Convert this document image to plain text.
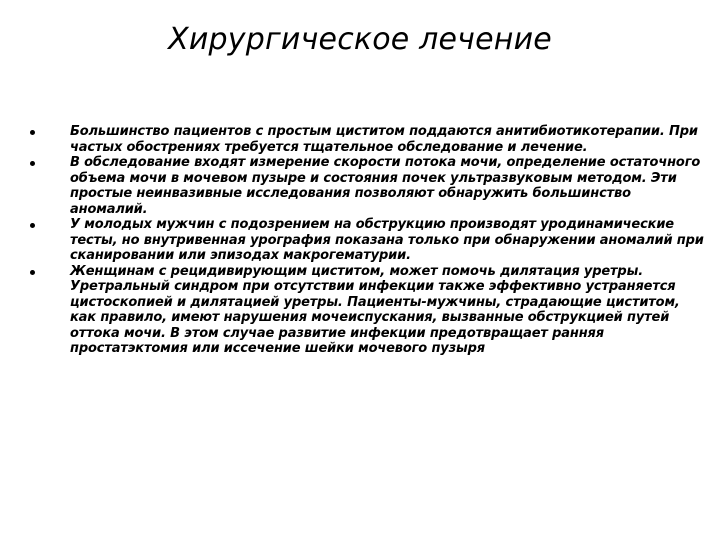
Хирургическое лечение
Большинство пациентов с простым циститом поддаются анитибиотикотерапии. При частых обострениях требуется тщательное обследование и лечение.
В обследование входят измерение скорости потока мочи, определение остаточного объема мочи в мочевом пузыре и состояния почек ультразвуковым методом. Эти простые неинвазивные исследования позволяют обнаружить большинство аномалий.
У молодых мужчин с подозрением на обструкцию производят уродинамические тесты, но внутривенная урография показана только при обнаружении аномалий при сканировании или эпизодах макрогематурии.
Женщинам с рецидивирующим циститом, может помочь дилятация уретры. Уретральный синдром при отсутствии инфекции также эффективно устраняется цистоскопией и дилятацией уретры. Пациенты-мужчины, страдающие циститом, как правило, имеют нарушения мочеиспускания, вызванные обструкцией путей оттока мочи. В этом случае развитие инфекции предотвращает ранняя простатэктомия или иссечение шейки мочевого пузыря
